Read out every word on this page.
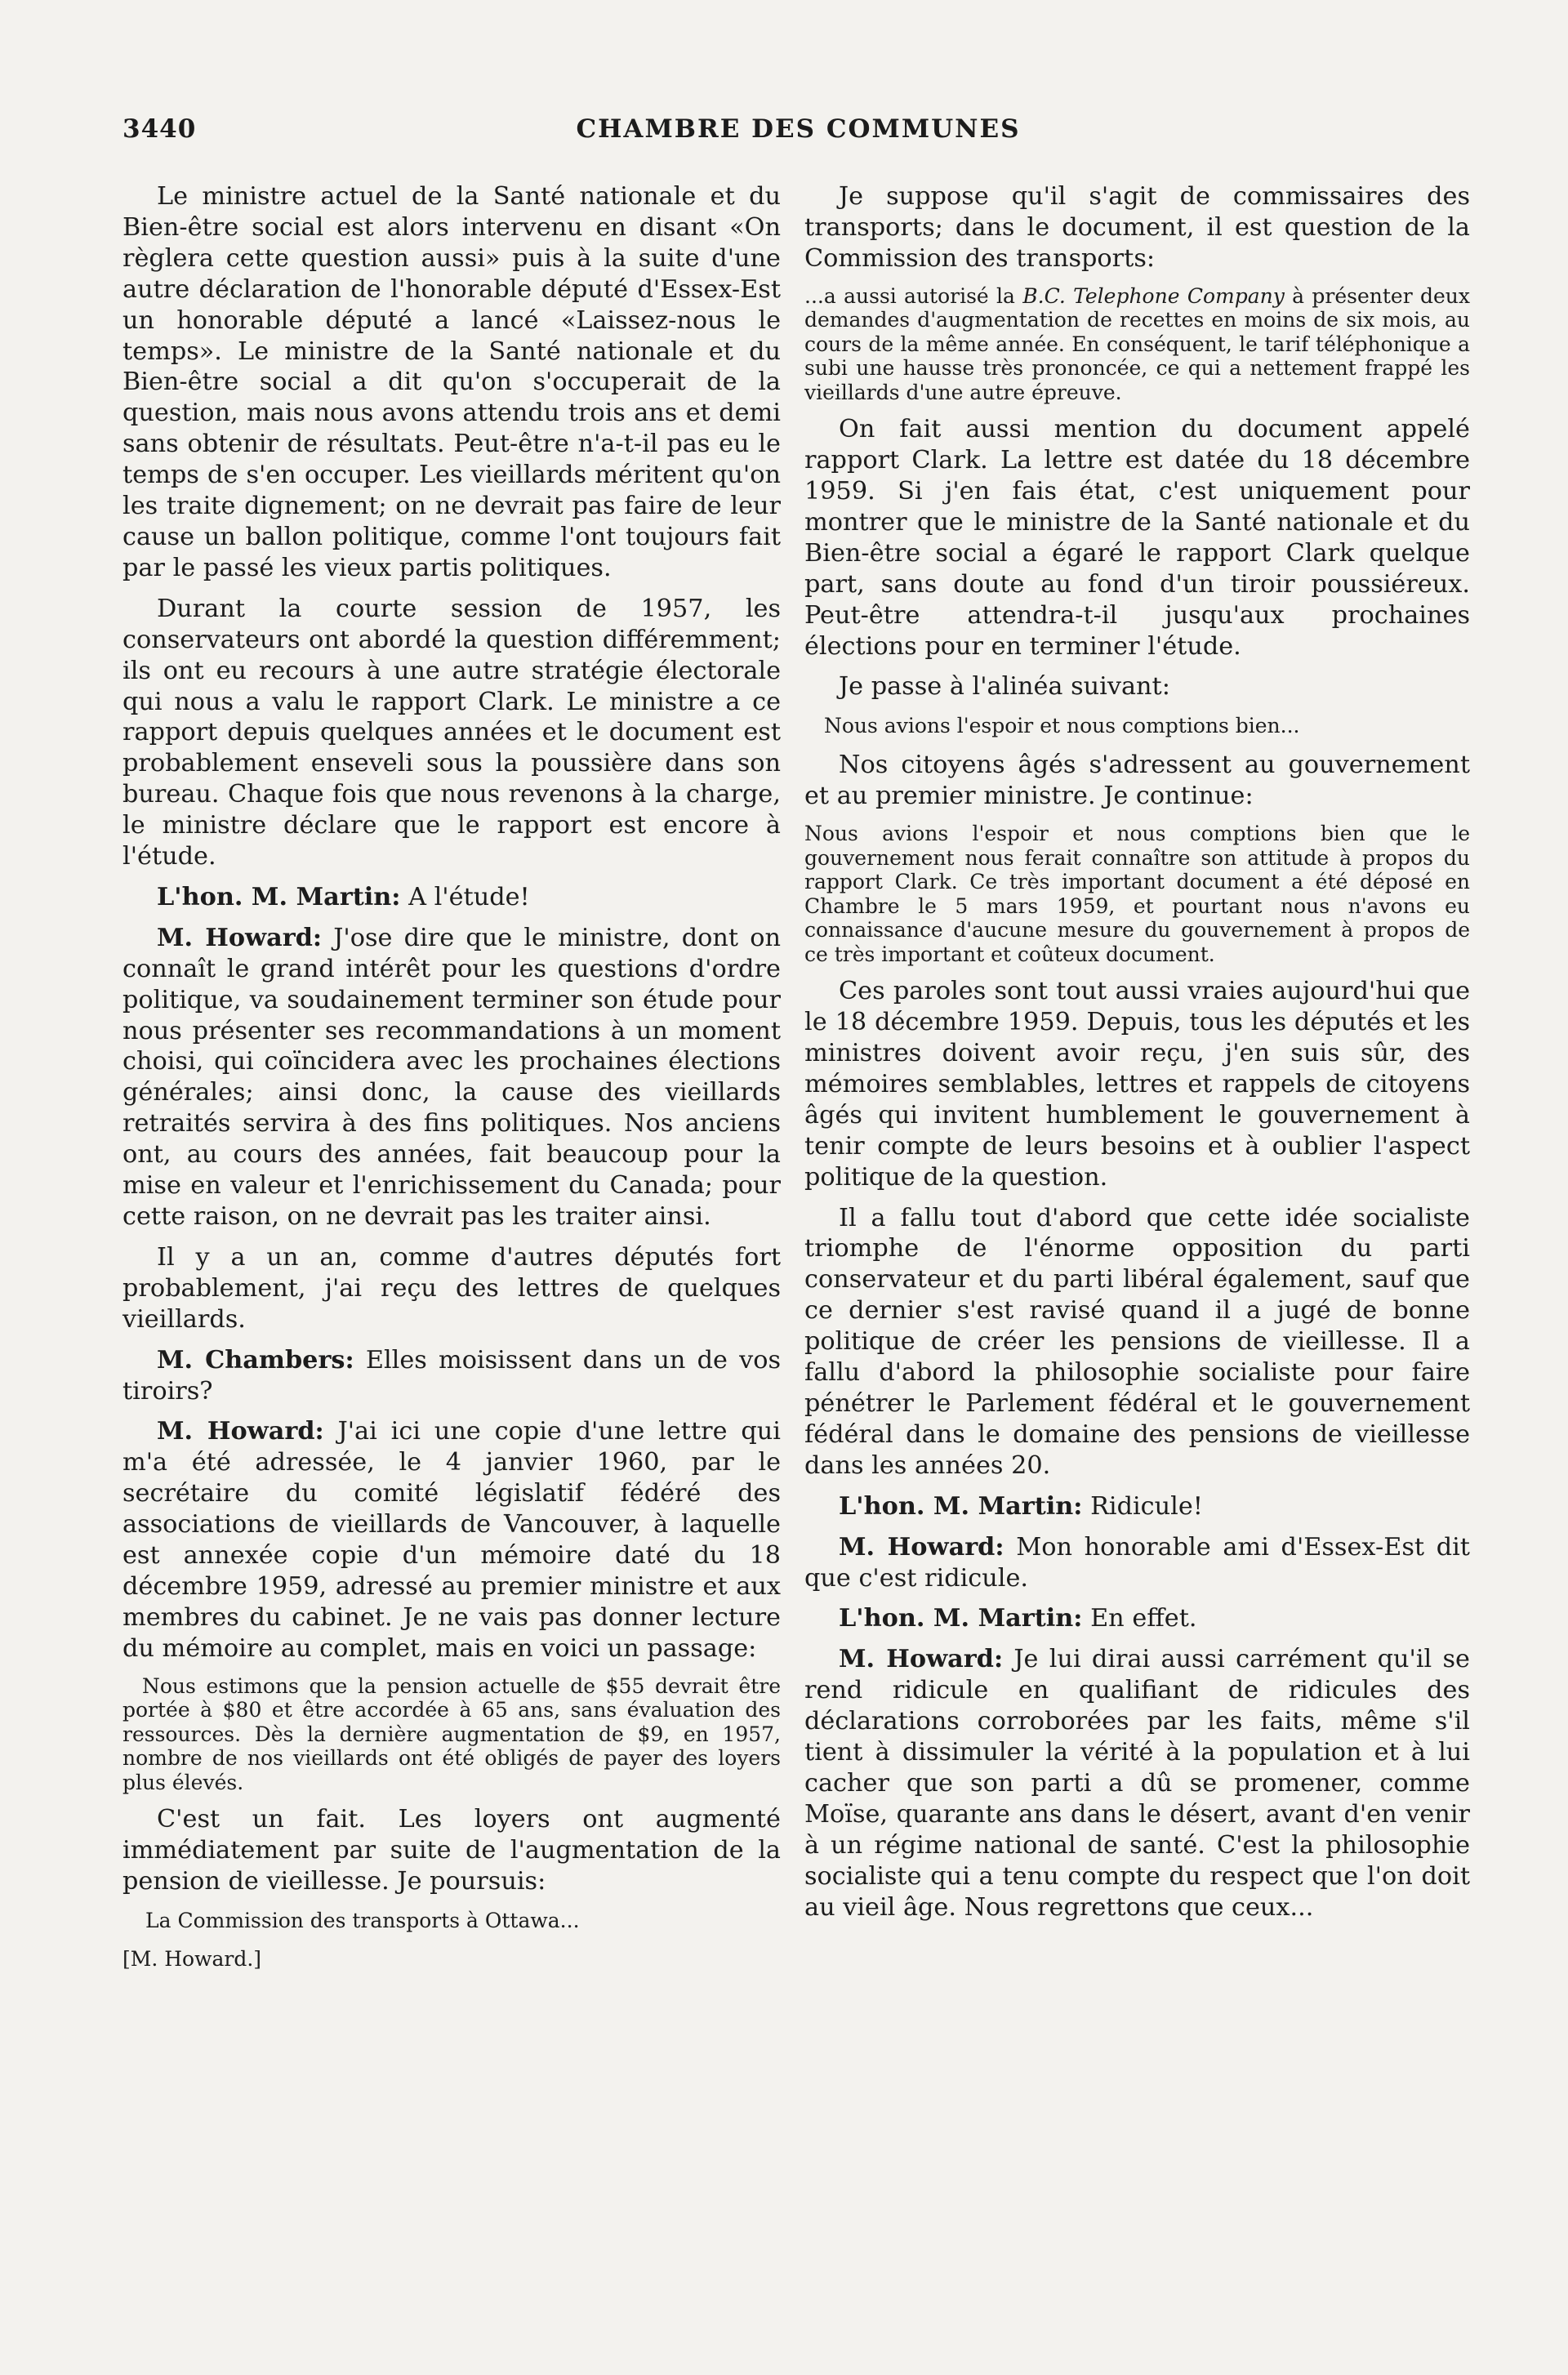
CHAMBRE DES COMMUNES
3440

Le ministre actuel de la Santé nationale et du Bien-être social est alors intervenu en disant «On règlera cette question aussi» puis à la suite d'une autre déclaration de l'honorable député d'Essex-Est un honorable député a lancé «Laissez-nous le temps». Le ministre de la Santé nationale et du Bien-être social a dit qu'on s'occuperait de la question, mais nous avons attendu trois ans et demi sans obtenir de résultats. Peut-être n'a-t-il pas eu le temps de s'en occuper. Les vieillards méritent qu'on les traite dignement; on ne devrait pas faire de leur cause un ballon politique, comme l'ont toujours fait par le passé les vieux partis politiques.

Durant la courte session de 1957, les conservateurs ont abordé la question différemment; ils ont eu recours à une autre stratégie électorale qui nous a valu le rapport Clark. Le ministre a ce rapport depuis quelques années et le document est probablement enseveli sous la poussière dans son bureau. Chaque fois que nous revenons à la charge, le ministre déclare que le rapport est encore à l'étude.

L'hon. M. Martin: A l'étude!

M. Howard: J'ose dire que le ministre, dont on connaît le grand intérêt pour les questions d'ordre politique, va soudainement terminer son étude pour nous présenter ses recommandations à un moment choisi, qui coïncidera avec les prochaines élections générales; ainsi donc, la cause des vieillards retraités servira à des fins politiques. Nos anciens ont, au cours des années, fait beaucoup pour la mise en valeur et l'enrichissement du Canada; pour cette raison, on ne devrait pas les traiter ainsi.

Il y a un an, comme d'autres députés fort probablement, j'ai reçu des lettres de quelques vieillards.

M. Chambers: Elles moisissent dans un de vos tiroirs?

M. Howard: J'ai ici une copie d'une lettre qui m'a été adressée, le 4 janvier 1960, par le secrétaire du comité législatif fédéré des associations de vieillards de Vancouver, à laquelle est annexée copie d'un mémoire daté du 18 décembre 1959, adressé au premier ministre et aux membres du cabinet. Je ne vais pas donner lecture du mémoire au complet, mais en voici un passage:

Nous estimons que la pension actuelle de $55 devrait être portée à $80 et être accordée à 65 ans, sans évaluation des ressources. Dès la dernière augmentation de $9, en 1957, nombre de nos vieillards ont été obligés de payer des loyers plus élevés.

C'est un fait. Les loyers ont augmenté immédiatement par suite de l'augmentation de la pension de vieillesse. Je poursuis:

La Commission des transports à Ottawa...

[M. Howard.]

Je suppose qu'il s'agit de commissaires des transports; dans le document, il est question de la Commission des transports:

...a aussi autorisé la B.C. Telephone Company à présenter deux demandes d'augmentation de recettes en moins de six mois, au cours de la même année. En conséquent, le tarif téléphonique a subi une hausse très prononcée, ce qui a nettement frappé les vieillards d'une autre épreuve.

On fait aussi mention du document appelé rapport Clark. La lettre est datée du 18 décembre 1959. Si j'en fais état, c'est uniquement pour montrer que le ministre de la Santé nationale et du Bien-être social a égaré le rapport Clark quelque part, sans doute au fond d'un tiroir poussiéreux. Peut-être attendra-t-il jusqu'aux prochaines élections pour en terminer l'étude.

Je passe à l'alinéa suivant:

Nous avions l'espoir et nous comptions bien...

Nos citoyens âgés s'adressent au gouvernement et au premier ministre. Je continue:

Nous avions l'espoir et nous comptions bien que le gouvernement nous ferait connaître son attitude à propos du rapport Clark. Ce très important document a été déposé en Chambre le 5 mars 1959, et pourtant nous n'avons eu connaissance d'aucune mesure du gouvernement à propos de ce très important et coûteux document.

Ces paroles sont tout aussi vraies aujourd'hui que le 18 décembre 1959. Depuis, tous les députés et les ministres doivent avoir reçu, j'en suis sûr, des mémoires semblables, lettres et rappels de citoyens âgés qui invitent humblement le gouvernement à tenir compte de leurs besoins et à oublier l'aspect politique de la question.

Il a fallu tout d'abord que cette idée socialiste triomphe de l'énorme opposition du parti conservateur et du parti libéral également, sauf que ce dernier s'est ravisé quand il a jugé de bonne politique de créer les pensions de vieillesse. Il a fallu d'abord la philosophie socialiste pour faire pénétrer le Parlement fédéral et le gouvernement fédéral dans le domaine des pensions de vieillesse dans les années 20.

L'hon. M. Martin: Ridicule!

M. Howard: Mon honorable ami d'Essex-Est dit que c'est ridicule.

L'hon. M. Martin: En effet.

M. Howard: Je lui dirai aussi carrément qu'il se rend ridicule en qualifiant de ridicules des déclarations corroborées par les faits, même s'il tient à dissimuler la vérité à la population et à lui cacher que son parti a dû se promener, comme Moïse, quarante ans dans le désert, avant d'en venir à un régime national de santé. C'est la philosophie socialiste qui a tenu compte du respect que l'on doit au vieil âge. Nous regrettons que ceux...
